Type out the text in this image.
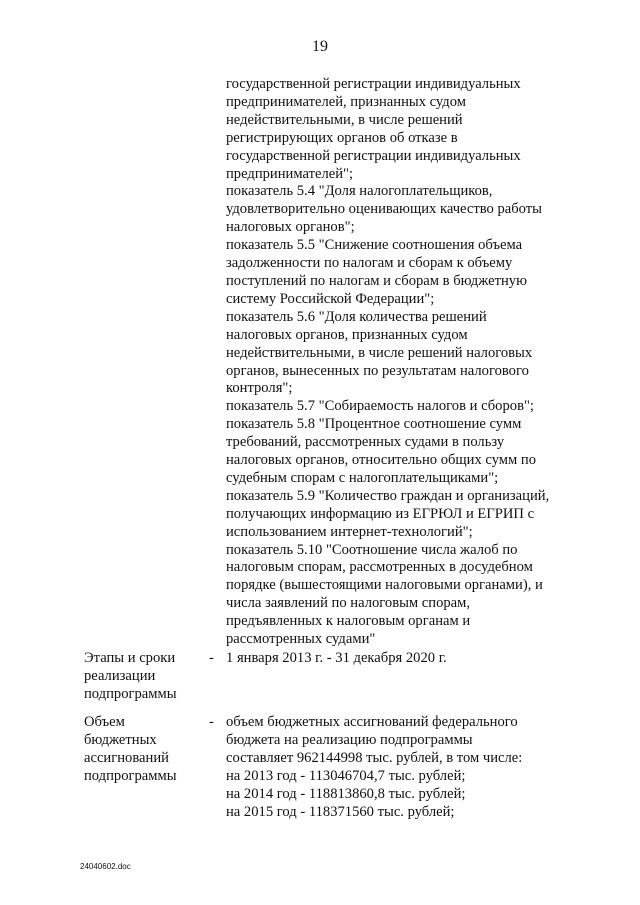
19
государственной регистрации индивидуальных
предпринимателей, признанных судом
недействительными, в числе решений
регистрирующих органов об отказе в
государственной регистрации индивидуальных
предпринимателей";
показатель 5.4 "Доля налогоплательщиков,
удовлетворительно оценивающих качество работы
налоговых органов";
показатель 5.5 "Снижение соотношения объема
задолженности по налогам и сборам к объему
поступлений по налогам и сборам в бюджетную
систему Российской Федерации";
показатель 5.6 "Доля количества решений
налоговых органов, признанных судом
недействительными, в числе решений налоговых
органов, вынесенных по результатам налогового
контроля";
показатель 5.7 "Собираемость налогов и сборов";
показатель 5.8 "Процентное соотношение сумм
требований, рассмотренных судами в пользу
налоговых органов, относительно общих сумм по
судебным спорам с налогоплательщиками";
показатель 5.9 "Количество граждан и организаций,
получающих информацию из ЕГРЮЛ и ЕГРИП с
использованием интернет-технологий";
показатель 5.10 "Соотношение числа жалоб по
налоговым спорам, рассмотренных в досудебном
порядке (вышестоящими налоговыми органами), и
числа заявлений по налоговым спорам,
предъявленных к налоговым органам и
рассмотренных судами"
Этапы и сроки
реализации
подпрограммы
- 1 января 2013 г. - 31 декабря 2020 г.
Объем
бюджетных
ассигнований
подпрограммы
- объем бюджетных ассигнований федерального
бюджета на реализацию подпрограммы
составляет 962144998 тыс. рублей, в том числе:
на 2013 год - 113046704,7 тыс. рублей;
на 2014 год - 118813860,8 тыс. рублей;
на 2015 год - 118371560 тыс. рублей;
24040602.doc
